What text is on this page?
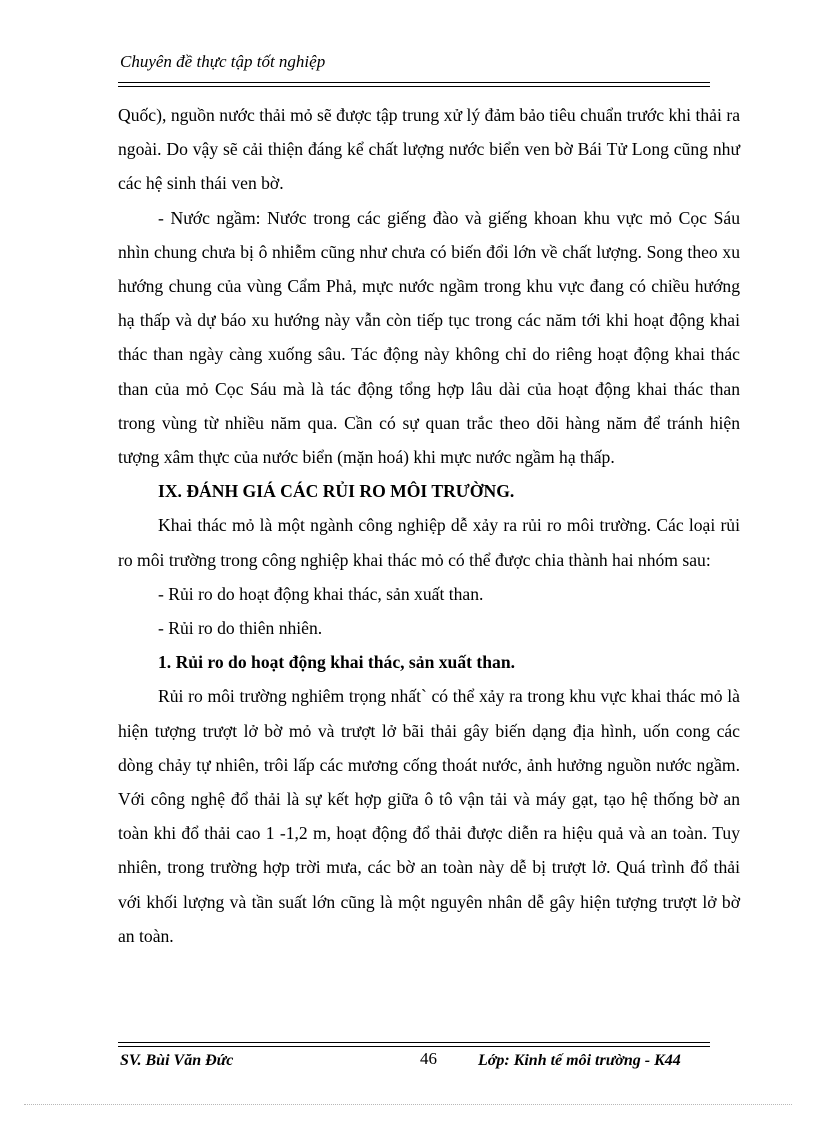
Chuyên đề thực tập tốt nghiệp

Quốc), nguồn nước thải mỏ sẽ được tập trung xử lý đảm bảo tiêu chuẩn trước khi thải ra ngoài. Do vậy sẽ cải thiện đáng kể chất lượng nước biển ven bờ Bái Tử Long cũng như các hệ sinh thái ven bờ.

- Nước ngầm: Nước trong các giếng đào và giếng khoan khu vực mỏ Cọc Sáu nhìn chung chưa bị ô nhiễm cũng như chưa có biến đổi lớn về chất lượng. Song theo xu hướng chung của vùng Cẩm Phả, mực nước ngầm trong khu vực đang có chiều hướng hạ thấp và dự báo xu hướng này vẫn còn tiếp tục trong các năm tới khi hoạt động khai thác than ngày càng xuống sâu. Tác động này không chỉ do riêng hoạt động khai thác than của mỏ Cọc Sáu mà là tác động tổng hợp lâu dài của hoạt động khai thác than trong vùng từ nhiều năm qua. Cần có sự quan trắc theo dõi hàng năm để tránh hiện tượng xâm thực của nước biển (mặn hoá) khi mực nước ngầm hạ thấp.

IX. ĐÁNH GIÁ CÁC RỦI RO MÔI TRƯỜNG.

Khai thác mỏ là một ngành công nghiệp dễ xảy ra rủi ro môi trường. Các loại rủi ro môi trường trong công nghiệp khai thác mỏ có thể được chia thành hai nhóm sau:

- Rủi ro do hoạt động khai thác, sản xuất than.

- Rủi ro do thiên nhiên.

1. Rủi ro do hoạt động khai thác, sản xuất than.

Rủi ro môi trường nghiêm trọng nhất` có thể xảy ra trong khu vực khai thác mỏ là hiện tượng trượt lở bờ mỏ và trượt lở bãi thải gây biến dạng địa hình, uốn cong các dòng chảy tự nhiên, trôi lấp các mương cống thoát nước, ảnh hưởng nguồn nước ngầm. Với công nghệ đổ thải là sự kết hợp giữa ô tô vận tải và máy gạt, tạo hệ thống bờ an toàn khi đổ thải cao 1 -1,2 m, hoạt động đổ thải được diễn ra hiệu quả và an toàn. Tuy nhiên, trong trường hợp trời mưa, các bờ an toàn này dễ bị trượt lở. Quá trình đổ thải với khối lượng và tần suất lớn cũng là một nguyên nhân dễ gây hiện tượng trượt lở bờ an toàn.

SV. Bùi Văn Đức	46	Lớp: Kinh tế môi trường - K44
